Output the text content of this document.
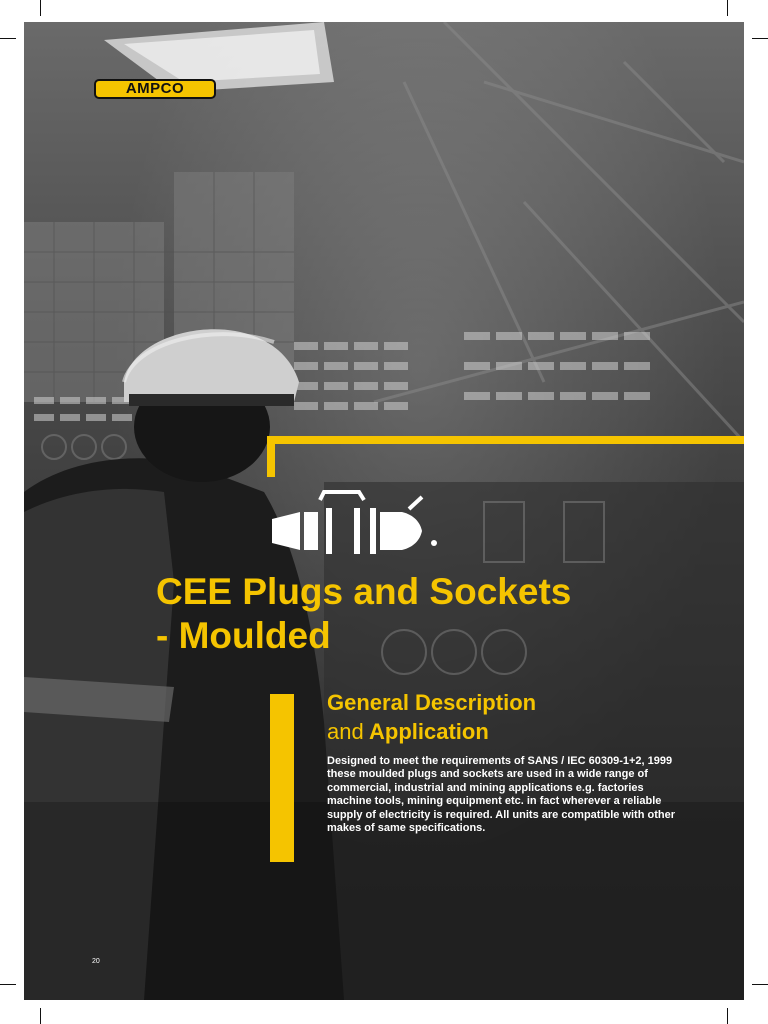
AMPCO
CEE Plugs and Sockets
- Moulded
General Description
and Application

Designed to meet the requirements of SANS / IEC 60309-1+2, 1999 these moulded plugs and sockets are used in a wide range of commercial, industrial and mining applications e.g. factories machine tools, mining equipment etc. in fact wherever a reliable supply of electricity is required. All units are compatible with other makes of same specifications.

20
